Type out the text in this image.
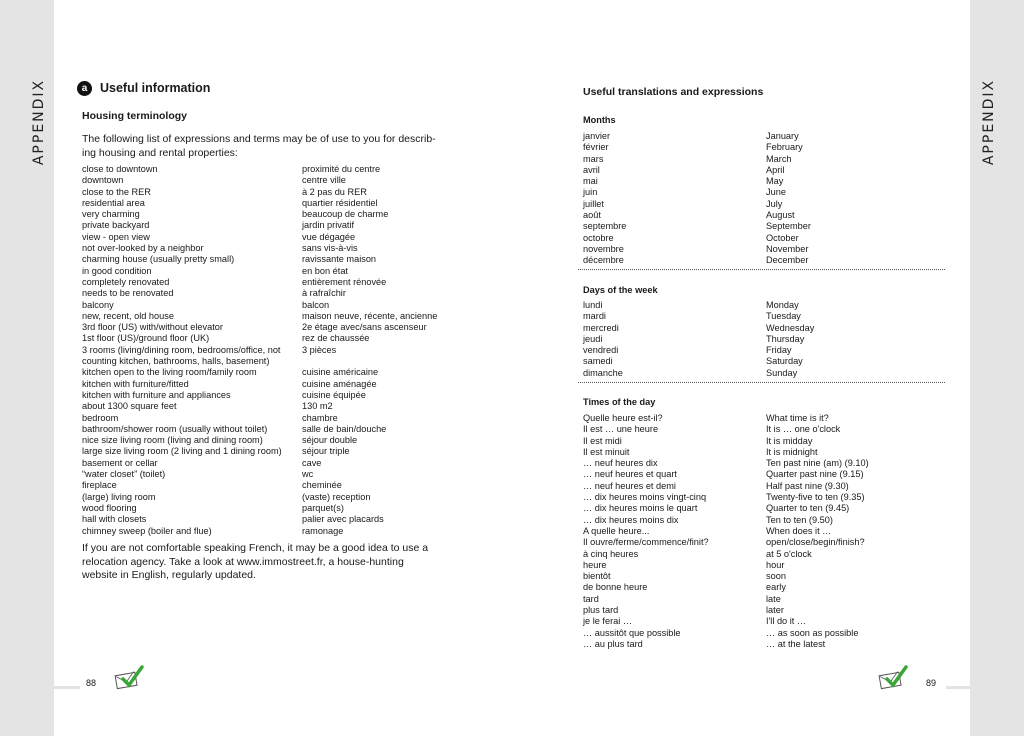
APPENDIX	APPENDIX
a	Useful information
Housing terminology
The following list of expressions and terms may be of use to you for describ-ing housing and rental properties:
close to downtown
downtown
close to the RER
residential area
very charming
private backyard
view - open view
not over-looked by a neighbor
charming house (usually pretty small)
in good condition
completely renovated
needs to be renovated
balcony
new, recent, old house
3rd floor (US) with/without elevator
1st floor (US)/ground floor (UK)
3 rooms (living/dining room, bedrooms/office, not
counting kitchen, bathrooms, halls, basement)
kitchen open to the living room/family room
kitchen with furniture/fitted
kitchen with furniture and appliances
about 1300 square feet
bedroom
bathroom/shower room (usually without toilet)
nice size living room (living and dining room)
large size living room (2 living and 1 dining room)
basement or cellar
“water closet” (toilet)
fireplace
(large) living room
wood flooring
hall with closets
chimney sweep (boiler and flue)
proximité du centre
centre ville
à 2 pas du RER
quartier résidentiel
beaucoup de charme
jardin privatif
vue dégagée
sans vis-à-vis
ravissante maison
en bon état
entièrement rénovée
à rafraîchir
balcon
maison neuve, récente, ancienne
2e étage avec/sans ascenseur
rez de chaussée
3 pièces
cuisine américaine
cuisine aménagée
cuisine équipée
130 m2
chambre
salle de bain/douche
séjour double
séjour triple
cave
wc
cheminée
(vaste) reception
parquet(s)
palier avec placards
ramonage
If you are not comfortable speaking French, it may be a good idea to use a relocation agency. Take a look at www.immostreet.fr, a house-hunting website in English, regularly updated.
88
Useful translations and expressions
Months
janvier
février
mars
avril
mai
juin
juillet
août
septembre
octobre
novembre
décembre
January
February
March
April
May
June
July
August
September
October
November
December
Days of the week
lundi
mardi
mercredi
jeudi
vendredi
samedi
dimanche
Monday
Tuesday
Wednesday
Thursday
Friday
Saturday
Sunday
Times of the day
Quelle heure est-il?
Il est … une heure
Il est midi
Il est minuit
… neuf heures dix
… neuf heures et quart
… neuf heures et demi
… dix heures moins vingt-cinq
… dix heures moins le quart
… dix heures moins dix
A quelle heure...
Il ouvre/ferme/commence/finit?
à cinq heures
heure
bientôt
de bonne heure
tard
plus tard
je le ferai …
… aussitôt que possible
… au plus tard
What time is it?
It is … one o'clock
It is midday
It is midnight
Ten past nine (am) (9.10)
Quarter past nine (9.15)
Half past nine (9.30)
Twenty-five to ten (9.35)
Quarter to ten (9.45)
Ten to ten (9.50)
When does it …
open/close/begin/finish?
at 5 o'clock
hour
soon
early
late
later
I'll do it …
… as soon as possible
… at the latest
89
